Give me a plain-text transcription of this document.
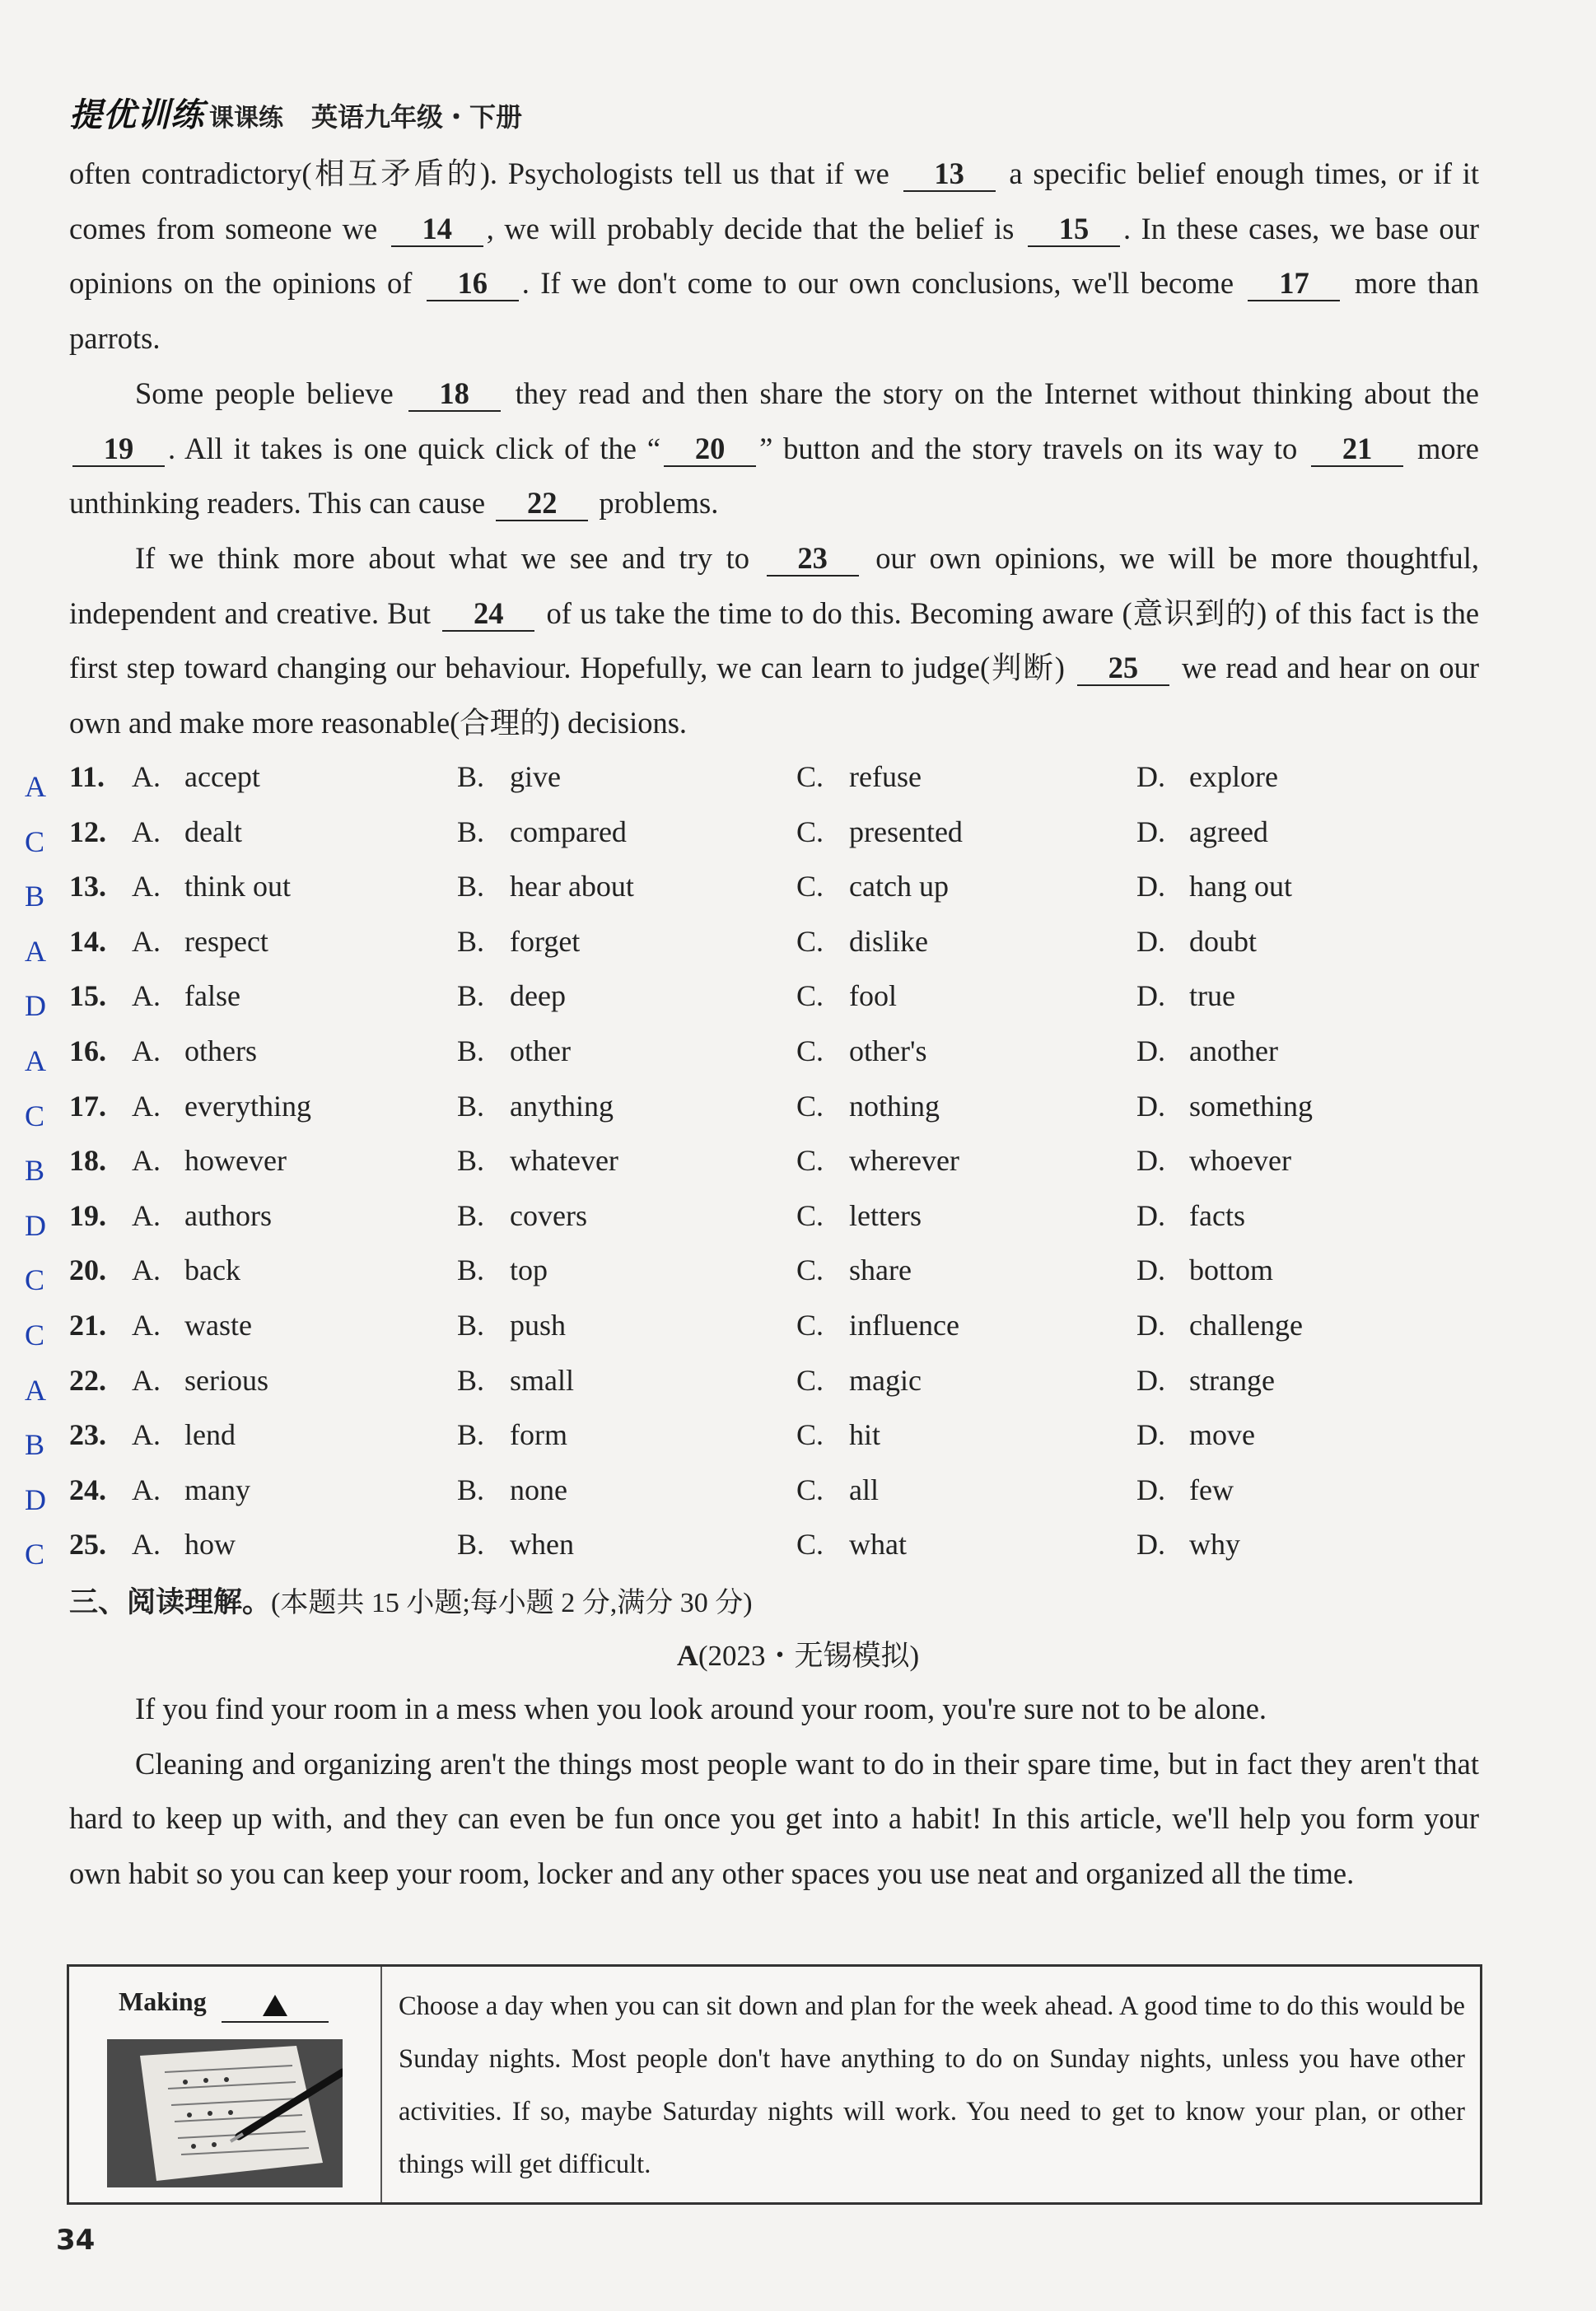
提优训练 课课练 英语九年级・下册

often contradictory(相互矛盾的). Psychologists tell us that if we 13 a specific belief enough times, or if it comes from someone we 14 , we will probably decide that the belief is 15 . In these cases, we base our opinions on the opinions of 16 . If we don't come to our own conclusions, we'll become 17 more than parrots.

Some people believe 18 they read and then share the story on the Internet without thinking about the 19 . All it takes is one quick click of the “ 20 ” button and the story travels on its way to 21 more unthinking readers. This can cause 22 problems.

If we think more about what we see and try to 23 our own opinions, we will be more thoughtful, independent and creative. But 24 of us take the time to do this. Becoming aware (意识到的) of this fact is the first step toward changing our behaviour. Hopefully, we can learn to judge(判断) 25 we read and hear on our own and make more reasonable(合理的) decisions.

A 11. A. accept	B. give	C. refuse	D. explore
C 12. A. dealt	B. compared	C. presented	D. agreed
B 13. A. think out	B. hear about	C. catch up	D. hang out
A 14. A. respect	B. forget	C. dislike	D. doubt
D 15. A. false	B. deep	C. fool	D. true
A 16. A. others	B. other	C. other's	D. another
C 17. A. everything	B. anything	C. nothing	D. something
B 18. A. however	B. whatever	C. wherever	D. whoever
D 19. A. authors	B. covers	C. letters	D. facts
C 20. A. back	B. top	C. share	D. bottom
C 21. A. waste	B. push	C. influence	D. challenge
A 22. A. serious	B. small	C. magic	D. strange
B 23. A. lend	B. form	C. hit	D. move
D 24. A. many	B. none	C. all	D. few
C 25. A. how	B. when	C. what	D. why
三、阅读理解。(本题共 15 小题;每小题 2 分,满分 30 分)
A(2023・无锡模拟)

If you find your room in a mess when you look around your room, you're sure not to be alone.

Cleaning and organizing aren't the things most people want to do in their spare time, but in fact they aren't that hard to keep up with, and they can even be fun once you get into a habit! In this article, we'll help you form your own habit so you can keep your room, locker and any other spaces you use neat and organized all the time.

Making	Choose a day when you can sit down and plan for the week ahead. A good time to do this would be Sunday nights. Most people don't have anything to do on Sunday nights, unless you have other activities. If so, maybe Saturday nights will work. You need to get to know your plan, or other things will get difficult.

34
